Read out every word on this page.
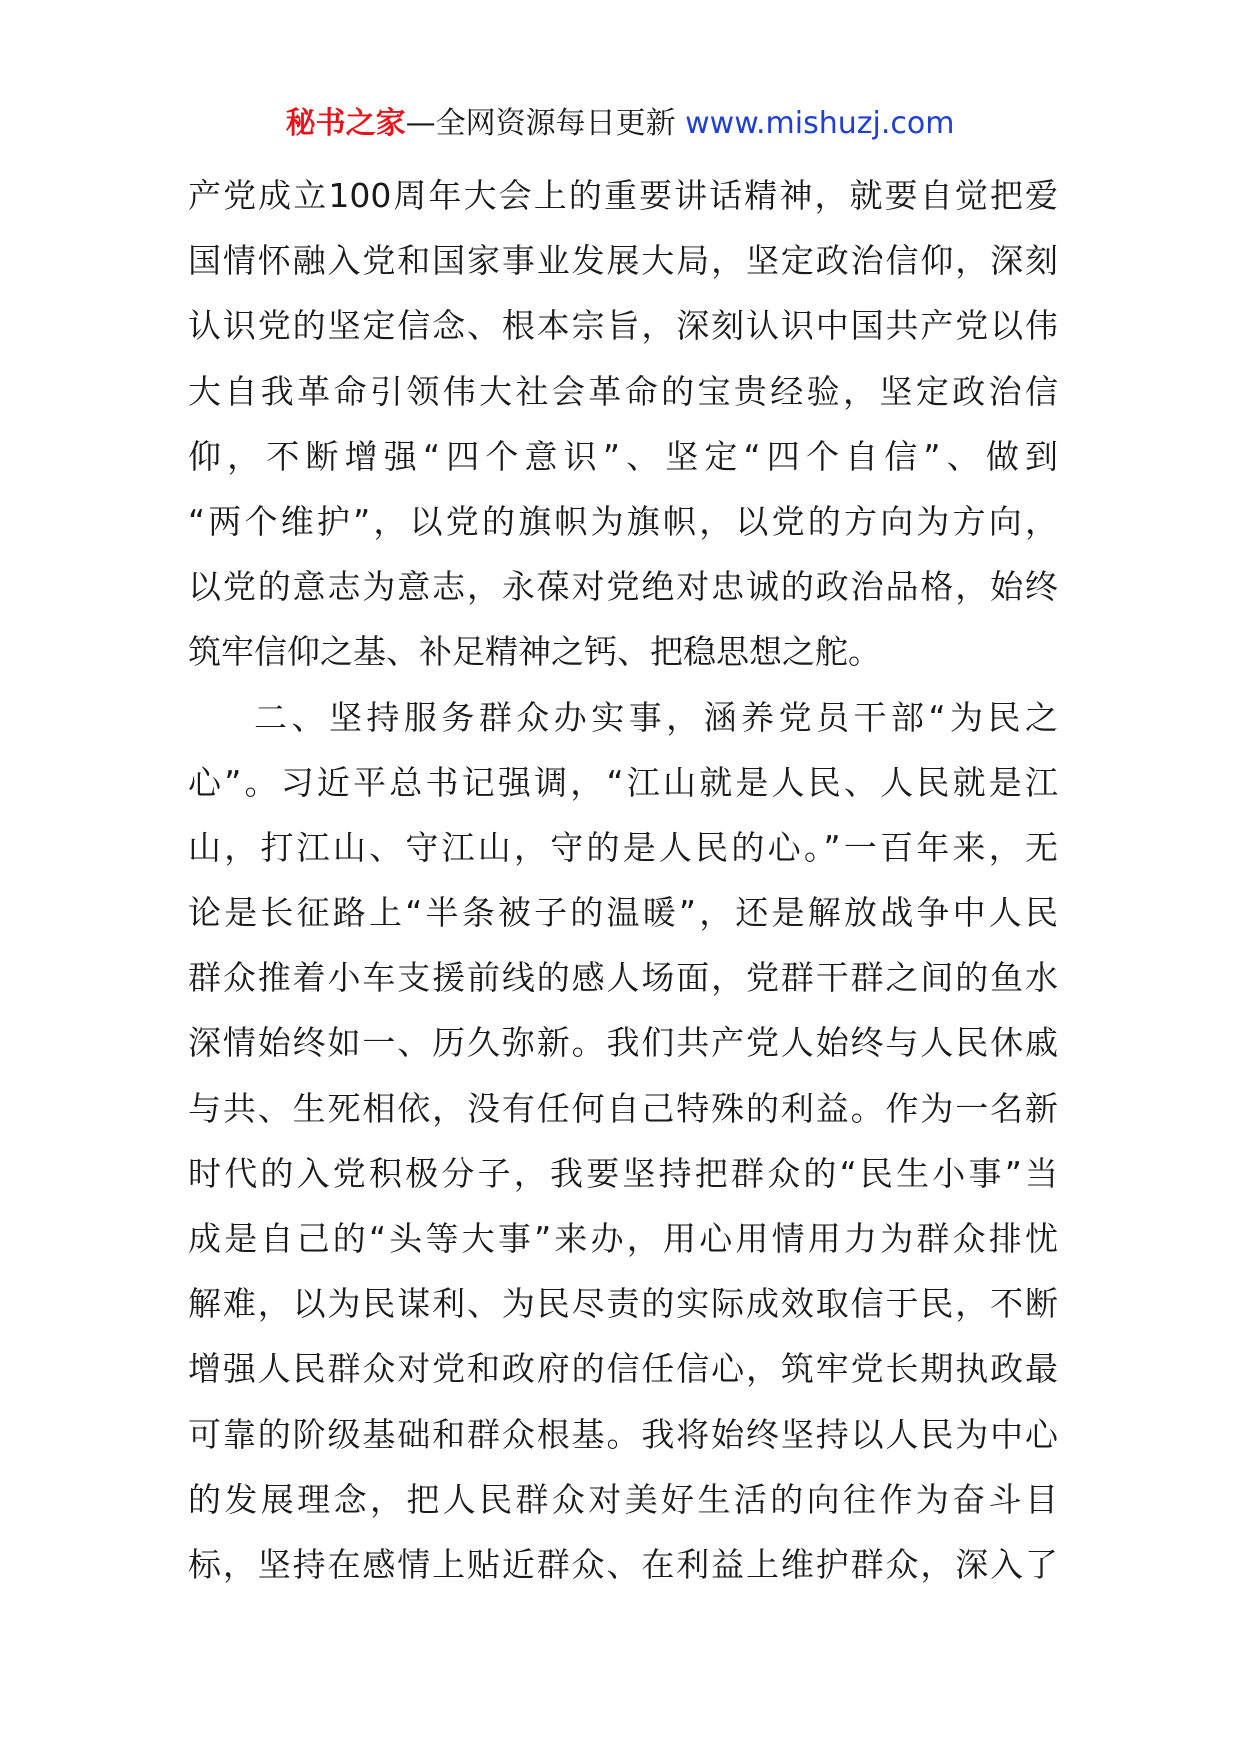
秘书之家—全网资源每日更新 www.mishuzj.com
产党成立100周年大会上的重要讲话精神，就要自觉把爱
国情怀融入党和国家事业发展大局，坚定政治信仰，深刻
认识党的坚定信念、根本宗旨，深刻认识中国共产党以伟
大自我革命引领伟大社会革命的宝贵经验，坚定政治信
仰，不断增强“四个意识”、坚定“四个自信”、做到
“两个维护”，以党的旗帜为旗帜，以党的方向为方向，
以党的意志为意志，永葆对党绝对忠诚的政治品格，始终
筑牢信仰之基、补足精神之钙、把稳思想之舵。
二、坚持服务群众办实事，涵养党员干部“为民之
心”。习近平总书记强调，“江山就是人民、人民就是江
山，打江山、守江山，守的是人民的心。”一百年来，无
论是长征路上“半条被子的温暖”，还是解放战争中人民
群众推着小车支援前线的感人场面，党群干群之间的鱼水
深情始终如一、历久弥新。我们共产党人始终与人民休戚
与共、生死相依，没有任何自己特殊的利益。作为一名新
时代的入党积极分子，我要坚持把群众的“民生小事”当
成是自己的“头等大事”来办，用心用情用力为群众排忧
解难，以为民谋利、为民尽责的实际成效取信于民，不断
增强人民群众对党和政府的信任信心，筑牢党长期执政最
可靠的阶级基础和群众根基。我将始终坚持以人民为中心
的发展理念，把人民群众对美好生活的向往作为奋斗目
标，坚持在感情上贴近群众、在利益上维护群众，深入了
